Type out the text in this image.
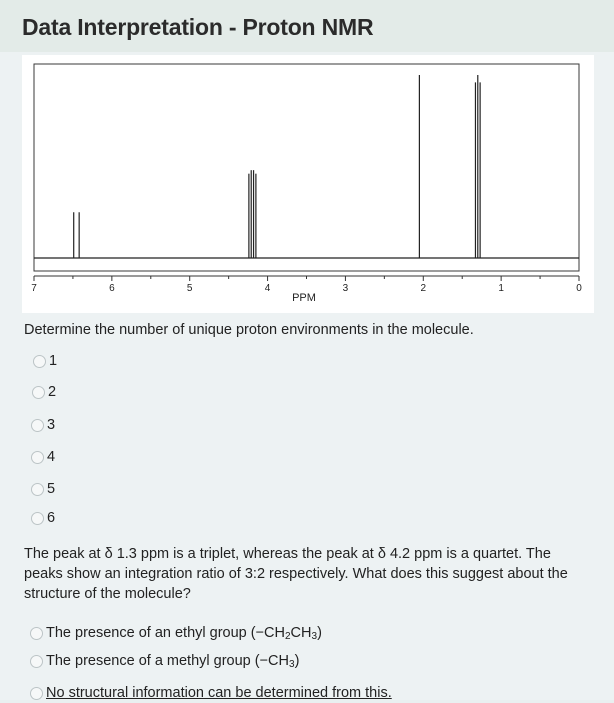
Data Interpretation - Proton NMR
7	6	5	4	3	2	1	0
PPM
Determine the number of unique proton environments in the molecule.
1
2
3
4
5
6
The peak at δ 1.3 ppm is a triplet, whereas the peak at δ 4.2 ppm is a quartet. The peaks show an integration ratio of 3:2 respectively. What does this suggest about the structure of the molecule?
The presence of an ethyl group $(-CH_2CH_3)$
The presence of a methyl group $(-CH_3)$
No structural information can be determined from this.
